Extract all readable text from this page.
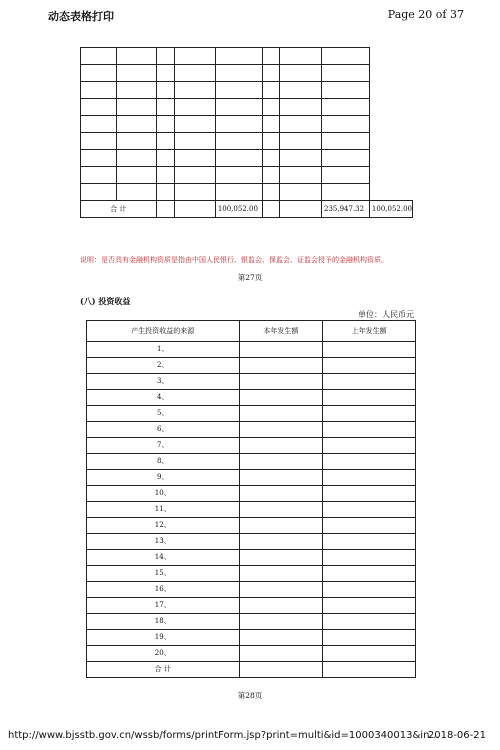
动态表格打印	Page 20 of 37

合 计				100,052.00			235,947.32	100,052.00
说明：是否具有金融机构资质是指由中国人民银行、银监会、保监会、证监会授予的金融机构资质。
第27页
(八) 投资收益
单位：人民币元
产生投资收益的来源	本年发生额	上年发生额
1、		
2、		
3、		
4、		
5、		
6、		
7、		
8、		
9、		
10、		
11、		
12、		
13、		
14、		
15、		
16、		
17、		
18、		
19、		
20、		
合 计		
第28页
http://www.bjsstb.gov.cn/wssb/forms/printForm.jsp?print=multi&id=1000340013&in...
2018-06-21
